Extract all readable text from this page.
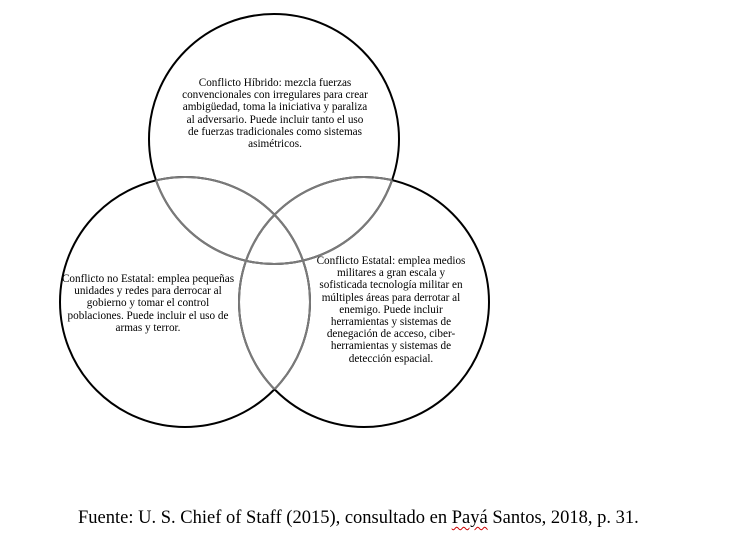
Conflicto Híbrido: mezcla fuerzas convencionales con irregulares para crear ambigüedad, toma la iniciativa y paraliza al adversario. Puede incluir tanto el uso de fuerzas tradicionales como sistemas asimétricos.
Conflicto no Estatal: emplea pequeñas unidades y redes para derrocar al gobierno y tomar el control poblaciones. Puede incluir el uso de armas y terror.
Conflicto Estatal: emplea medios militares a gran escala y sofisticada tecnología militar en múltiples áreas para derrotar al enemigo. Puede incluir herramientas y sistemas de denegación de acceso, ciber-herramientas y sistemas de detección espacial.
Fuente: U. S. Chief of Staff (2015), consultado en Payá Santos, 2018, p. 31.
